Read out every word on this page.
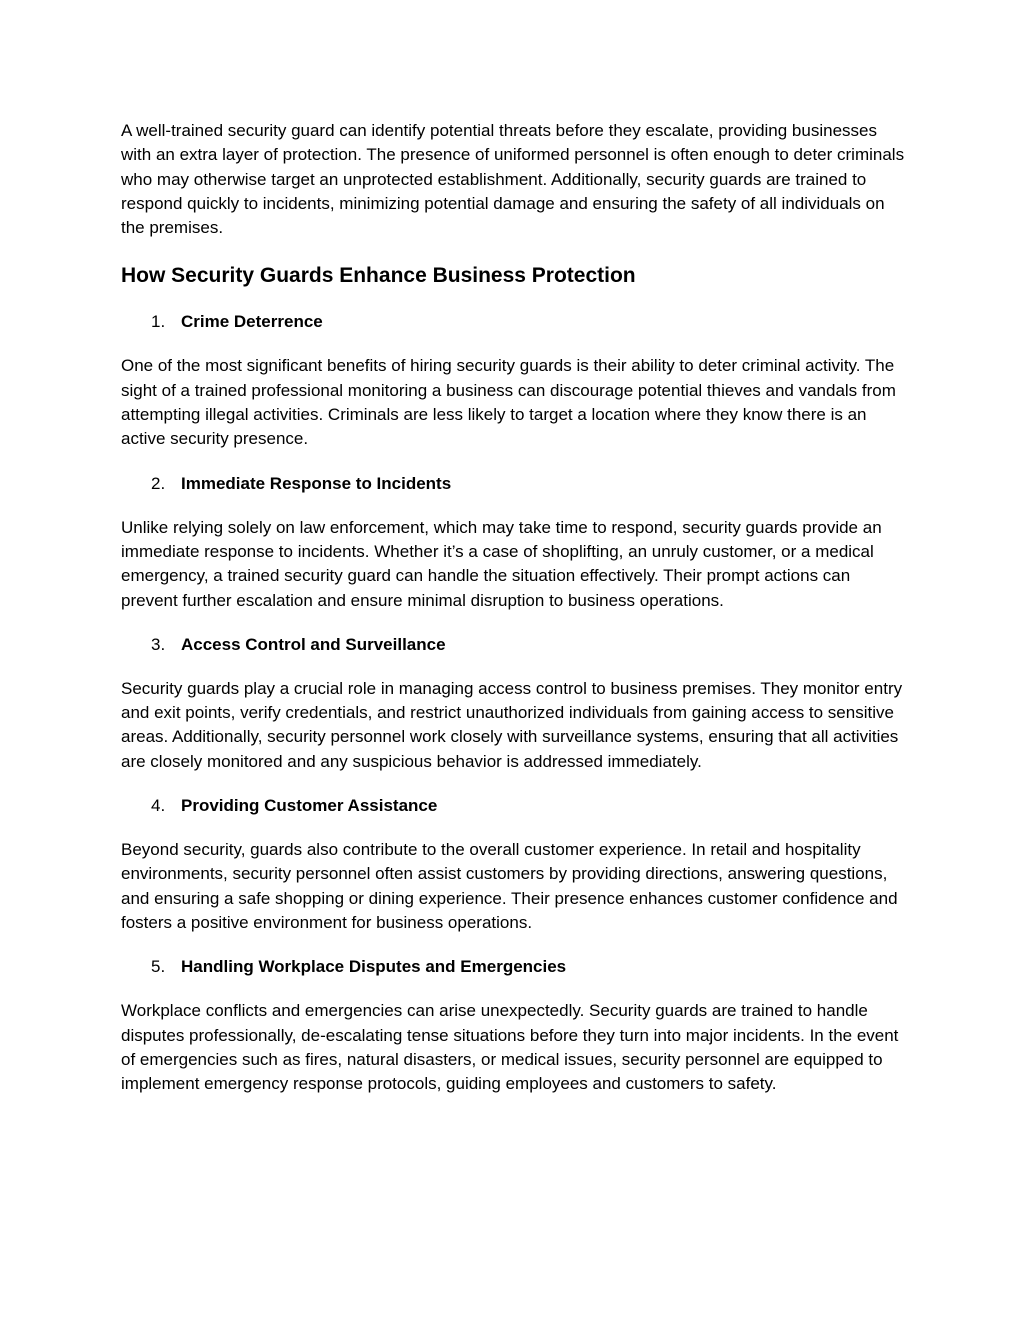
A well-trained security guard can identify potential threats before they escalate, providing businesses with an extra layer of protection. The presence of uniformed personnel is often enough to deter criminals who may otherwise target an unprotected establishment. Additionally, security guards are trained to respond quickly to incidents, minimizing potential damage and ensuring the safety of all individuals on the premises.

How Security Guards Enhance Business Protection
1. Crime Deterrence

One of the most significant benefits of hiring security guards is their ability to deter criminal activity. The sight of a trained professional monitoring a business can discourage potential thieves and vandals from attempting illegal activities. Criminals are less likely to target a location where they know there is an active security presence.

2. Immediate Response to Incidents

Unlike relying solely on law enforcement, which may take time to respond, security guards provide an immediate response to incidents. Whether it’s a case of shoplifting, an unruly customer, or a medical emergency, a trained security guard can handle the situation effectively. Their prompt actions can prevent further escalation and ensure minimal disruption to business operations.

3. Access Control and Surveillance

Security guards play a crucial role in managing access control to business premises. They monitor entry and exit points, verify credentials, and restrict unauthorized individuals from gaining access to sensitive areas. Additionally, security personnel work closely with surveillance systems, ensuring that all activities are closely monitored and any suspicious behavior is addressed immediately.

4. Providing Customer Assistance

Beyond security, guards also contribute to the overall customer experience. In retail and hospitality environments, security personnel often assist customers by providing directions, answering questions, and ensuring a safe shopping or dining experience. Their presence enhances customer confidence and fosters a positive environment for business operations.

5. Handling Workplace Disputes and Emergencies

Workplace conflicts and emergencies can arise unexpectedly. Security guards are trained to handle disputes professionally, de-escalating tense situations before they turn into major incidents. In the event of emergencies such as fires, natural disasters, or medical issues, security personnel are equipped to implement emergency response protocols, guiding employees and customers to safety.
